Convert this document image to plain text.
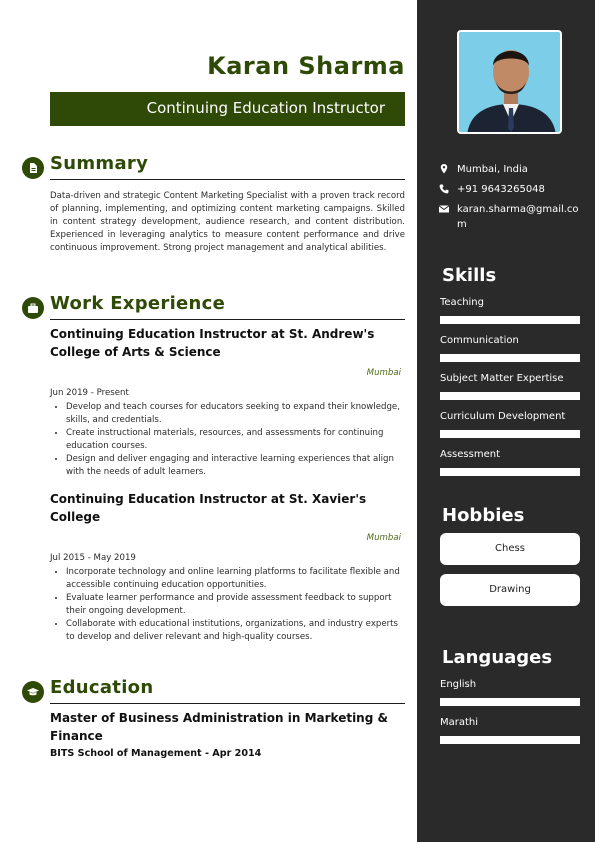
Karan Sharma
Continuing Education Instructor
Summary
Data-driven and strategic Content Marketing Specialist with a proven track record of planning, implementing, and optimizing content marketing campaigns. Skilled in content strategy development, audience research, and content distribution. Experienced in leveraging analytics to measure content performance and drive continuous improvement. Strong project management and analytical abilities.
Work Experience
Continuing Education Instructor at St. Andrew's College of Arts & Science
Mumbai
Jun 2019 - Present
• Develop and teach courses for educators seeking to expand their knowledge, skills, and credentials.
• Create instructional materials, resources, and assessments for continuing education courses.
• Design and deliver engaging and interactive learning experiences that align with the needs of adult learners.
Continuing Education Instructor at St. Xavier's College
Mumbai
Jul 2015 - May 2019
• Incorporate technology and online learning platforms to facilitate flexible and accessible continuing education opportunities.
• Evaluate learner performance and provide assessment feedback to support their ongoing development.
• Collaborate with educational institutions, organizations, and industry experts to develop and deliver relevant and high-quality courses.
Education
Master of Business Administration in Marketing & Finance
BITS School of Management - Apr 2014
Mumbai, India
+91 9643265048
karan.sharma@gmail.com
Skills
Teaching
Communication
Subject Matter Expertise
Curriculum Development
Assessment
Hobbies
Chess
Drawing
Languages
English
Marathi
